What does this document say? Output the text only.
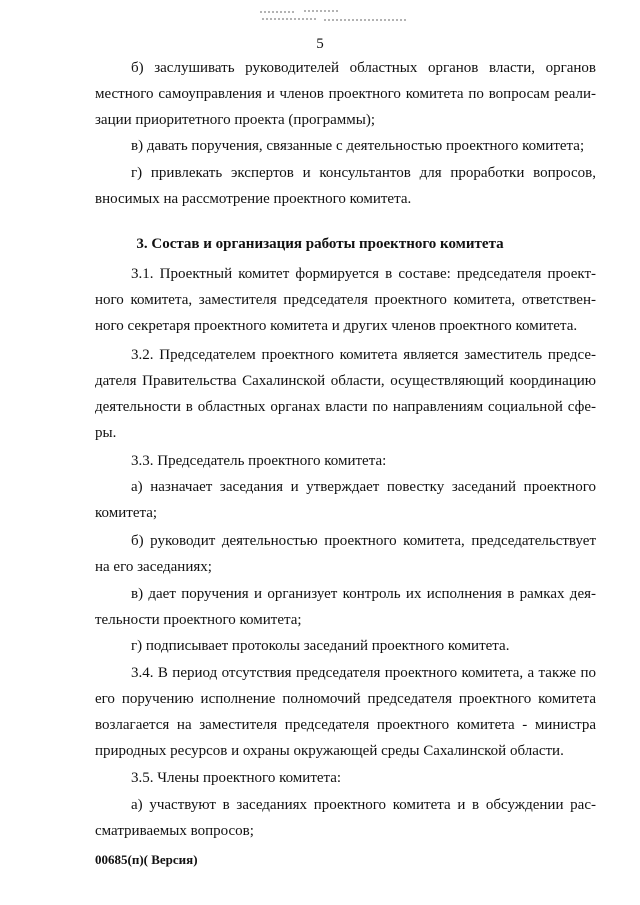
5
б) заслушивать руководителей областных органов власти, органов
местного самоуправления и членов проектного комитета по вопросам реали-
зации приоритетного проекта (программы);
в) давать поручения, связанные с деятельностью проектного комитета;
г) привлекать экспертов и консультантов для проработки вопросов,
вносимых на рассмотрение проектного комитета.
3. Состав и организация работы проектного комитета
3.1. Проектный комитет формируется в составе: председателя проект-
ного комитета, заместителя председателя проектного комитета, ответствен-
ного секретаря проектного комитета и других членов проектного комитета.
3.2. Председателем проектного комитета является заместитель предсе-
дателя Правительства Сахалинской области, осуществляющий координацию
деятельности в областных органах власти по направлениям социальной сфе-
ры.
3.3. Председатель проектного комитета:
а) назначает заседания и утверждает повестку заседаний проектного
комитета;
б) руководит деятельностью проектного комитета, председательствует
на его заседаниях;
в) дает поручения и организует контроль их исполнения в рамках дея-
тельности проектного комитета;
г) подписывает протоколы заседаний проектного комитета.
3.4. В период отсутствия председателя проектного комитета, а также по
его поручению исполнение полномочий председателя проектного комитета
возлагается на заместителя председателя проектного комитета - министра
природных ресурсов и охраны окружающей среды Сахалинской области.
3.5. Члены проектного комитета:
а) участвуют в заседаниях проектного комитета и в обсуждении рас-
сматриваемых вопросов;
00685(п)( Версия)
